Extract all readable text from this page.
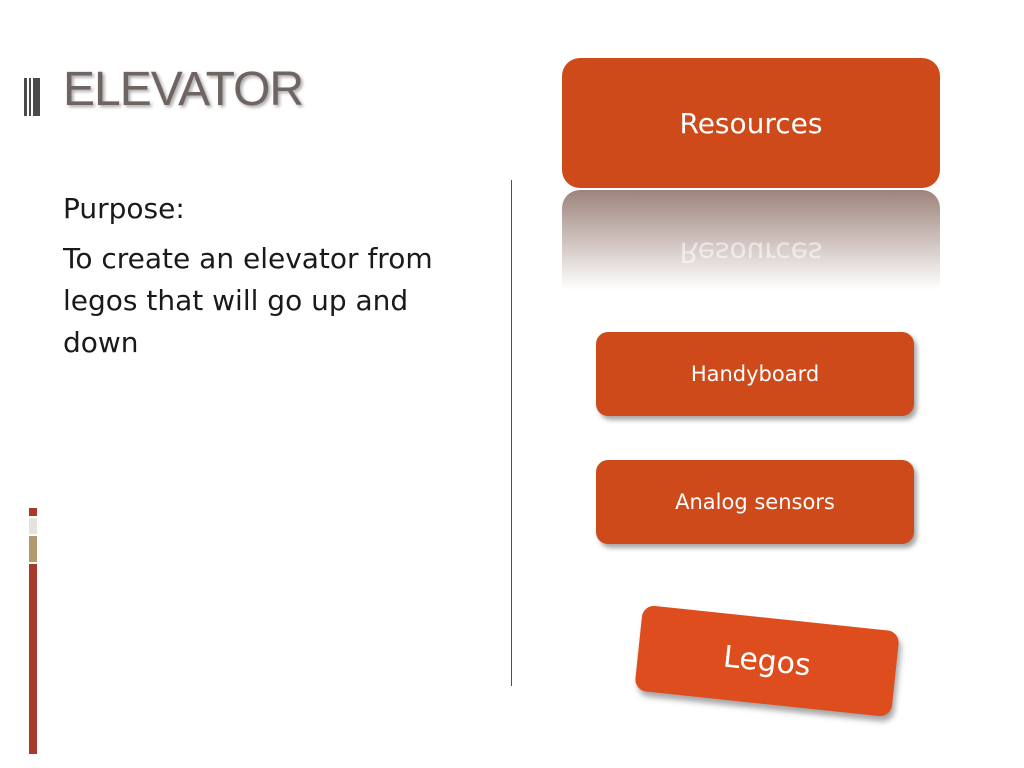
ELEVATOR

Purpose:

To create an elevator from legos that will go up and down

Resources
Resources
Handyboard
Analog sensors
Legos
